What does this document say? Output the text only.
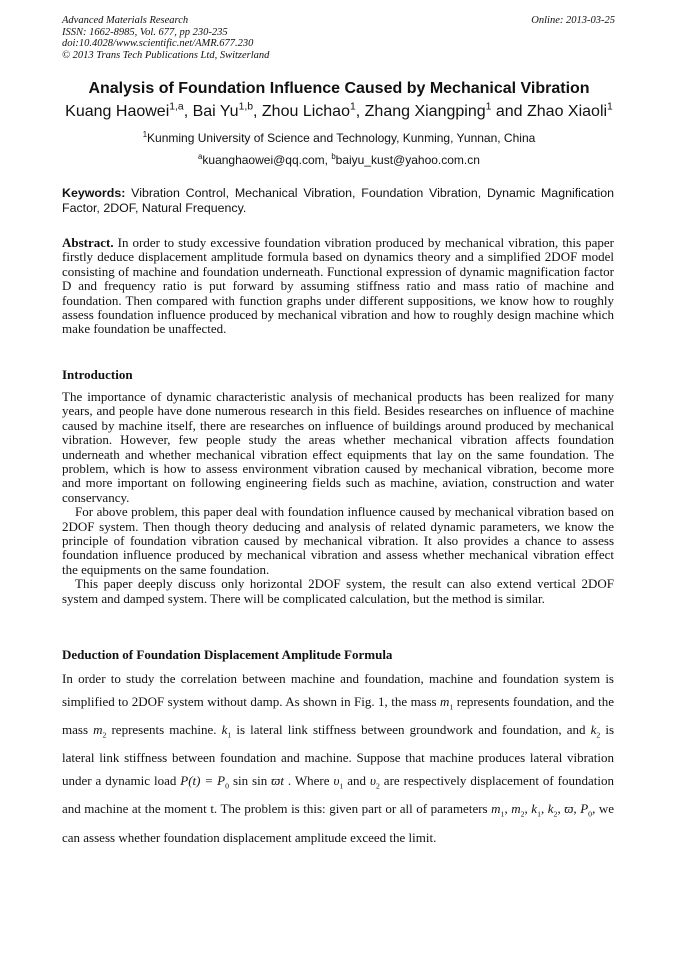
Advanced Materials Research
ISSN: 1662-8985, Vol. 677, pp 230-235
doi:10.4028/www.scientific.net/AMR.677.230
© 2013 Trans Tech Publications Ltd, Switzerland
Online: 2013-03-25
Analysis of Foundation Influence Caused by Mechanical Vibration
Kuang Haowei$^{1,a}$, Bai Yu$^{1,b}$, Zhou Lichao$^1$, Zhang Xiangping$^1$ and Zhao Xiaoli$^1$
$^1$Kunming University of Science and Technology, Kunming, Yunnan, China
$^a$kuanghaowei@qq.com, $^b$baiyu_kust@yahoo.com.cn
Keywords: Vibration Control, Mechanical Vibration, Foundation Vibration, Dynamic Magnification Factor, 2DOF, Natural Frequency.
Abstract. In order to study excessive foundation vibration produced by mechanical vibration, this paper firstly deduce displacement amplitude formula based on dynamics theory and a simplified 2DOF model consisting of machine and foundation underneath. Functional expression of dynamic magnification factor D and frequency ratio is put forward by assuming stiffness ratio and mass ratio of machine and foundation. Then compared with function graphs under different suppositions, we know how to roughly assess foundation influence produced by mechanical vibration and how to roughly design machine which make foundation be unaffected.
Introduction

The importance of dynamic characteristic analysis of mechanical products has been realized for many years, and people have done numerous research in this field. Besides researches on influence of machine caused by machine itself, there are researches on influence of buildings around produced by mechanical vibration. However, few people study the areas whether mechanical vibration affects foundation underneath and whether mechanical vibration effect equipments that lay on the same foundation. The problem, which is how to assess environment vibration caused by mechanical vibration, become more and more important on following engineering fields such as machine, aviation, construction and water conservancy.

For above problem, this paper deal with foundation influence caused by mechanical vibration based on 2DOF system. Then though theory deducing and analysis of related dynamic parameters, we know the principle of foundation vibration caused by mechanical vibration. It also provides a chance to assess foundation influence produced by mechanical vibration and assess whether mechanical vibration effect the equipments on the same foundation.

This paper deeply discuss only horizontal 2DOF system, the result can also extend vertical 2DOF system and damped system. There will be complicated calculation, but the method is similar.

Deduction of Foundation Displacement Amplitude Formula
In order to study the correlation between machine and foundation, machine and foundation system is simplified to 2DOF system without damp. As shown in Fig. 1, the mass $m_1$ represents foundation, and the mass $m_2$ represents machine. $k_1$ is lateral link stiffness between groundwork and foundation, and $k_2$ is lateral link stiffness between foundation and machine. Suppose that machine produces lateral vibration under a dynamic load $P(t) = P_0$ sin sin ϖt . Where $\upsilon_1$ and $\upsilon_2$ are respectively displacement of foundation and machine at the moment t. The problem is this: given part or all of parameters $m_1$, $m_2$, $k_1$, $k_2$, ϖ, $P_0$, we can assess whether foundation displacement amplitude exceed the limit.
